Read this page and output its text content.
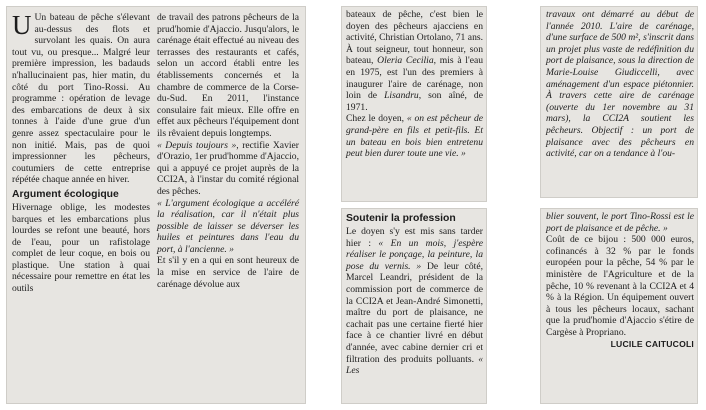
U Un bateau de pêche s'élevant au-dessus des flots et survolant les quais. On aura tout vu, ou presque... Malgré leur première impression, les badauds n'hallucinaient pas, hier matin, du côté du port Tino-Rossi. Au programme : opération de levage des embarcations de deux à six tonnes à l'aide d'une grue d'un genre assez spectaculaire pour le non initié. Mais, pas de quoi impressionner les pêcheurs, coutumiers de cette entreprise répétée chaque année en hiver.

Argument écologique

Hivernage oblige, les modestes barques et les embarcations plus lourdes se refont une beauté, hors de l'eau, pour un rafistolage complet de leur coque, en bois ou plastique. Une station à quai nécessaire pour remettre en état les outils

de travail des patrons pêcheurs de la prud'homie d'Ajaccio. Jusqu'alors, le carénage était effectué au niveau des terrasses des restaurants et cafés, selon un accord établi entre les établissements concernés et la chambre de commerce de la Corse-du-Sud. En 2011, l'instance consulaire fait mieux. Elle offre en effet aux pêcheurs l'équipement dont ils rêvaient depuis longtemps.

« Depuis toujours », rectifie Xavier d'Orazio, 1er prud'homme d'Ajaccio, qui a appuyé ce projet auprès de la CCI2A, à l'instar du comité régional des pêches.

« L'argument écologique a accéléré la réalisation, car il n'était plus possible de laisser se déverser les huiles et peintures dans l'eau du port, à l'ancienne. »

Et s'il y en a qui en sont heureux de la mise en service de l'aire de carénage dévolue aux

bateaux de pêche, c'est bien le doyen des pêcheurs ajacciens en activité, Christian Ortolano, 71 ans. À tout seigneur, tout honneur, son bateau, Oleria Cecilia, mis à l'eau en 1975, est l'un des premiers à inaugurer l'aire de carénage, non loin de Lisandru, son aîné, de 1971.

Chez le doyen, « on est pêcheur de grand-père en fils et petit-fils. Et un bateau en bois bien entretenu peut bien durer toute une vie. »

Soutenir la profession

Le doyen s'y est mis sans tarder hier : « En un mois, j'espère réaliser le ponçage, la peinture, la pose du vernis. » De leur côté, Marcel Leandri, président de la commission port de commerce de la CCI2A et Jean-André Simonetti, maître du port de plaisance, ne cachait pas une certaine fierté hier face à ce chantier livré en début d'année, avec cabine dernier cri et filtration des produits polluants. « Les

travaux ont démarré au début de l'année 2010. L'aire de carénage, d'une surface de 500 m², s'inscrit dans un projet plus vaste de redéfinition du port de plaisance, sous la direction de Marie-Louise Giudiccelli, avec aménagement d'un espace piétonnier. À travers cette aire de carénage (ouverte du 1er novembre au 31 mars), la CCI2A soutient les pêcheurs. Objectif : un port de plaisance avec des pêcheurs en activité, car on a tendance à l'ou-

blier souvent, le port Tino-Rossi est le port de plaisance et de pêche. »

Coût de ce bijou : 500 000 euros, cofinancés à 32 % par le fonds européen pour la pêche, 54 % par le ministère de l'Agriculture et de la pêche, 10 % revenant à la CCI2A et 4 % à la Région. Un équipement ouvert à tous les pêcheurs locaux, sachant que la prud'homie d'Ajaccio s'étire de Cargèse à Propriano.

LUCILE CAITUCOLI
